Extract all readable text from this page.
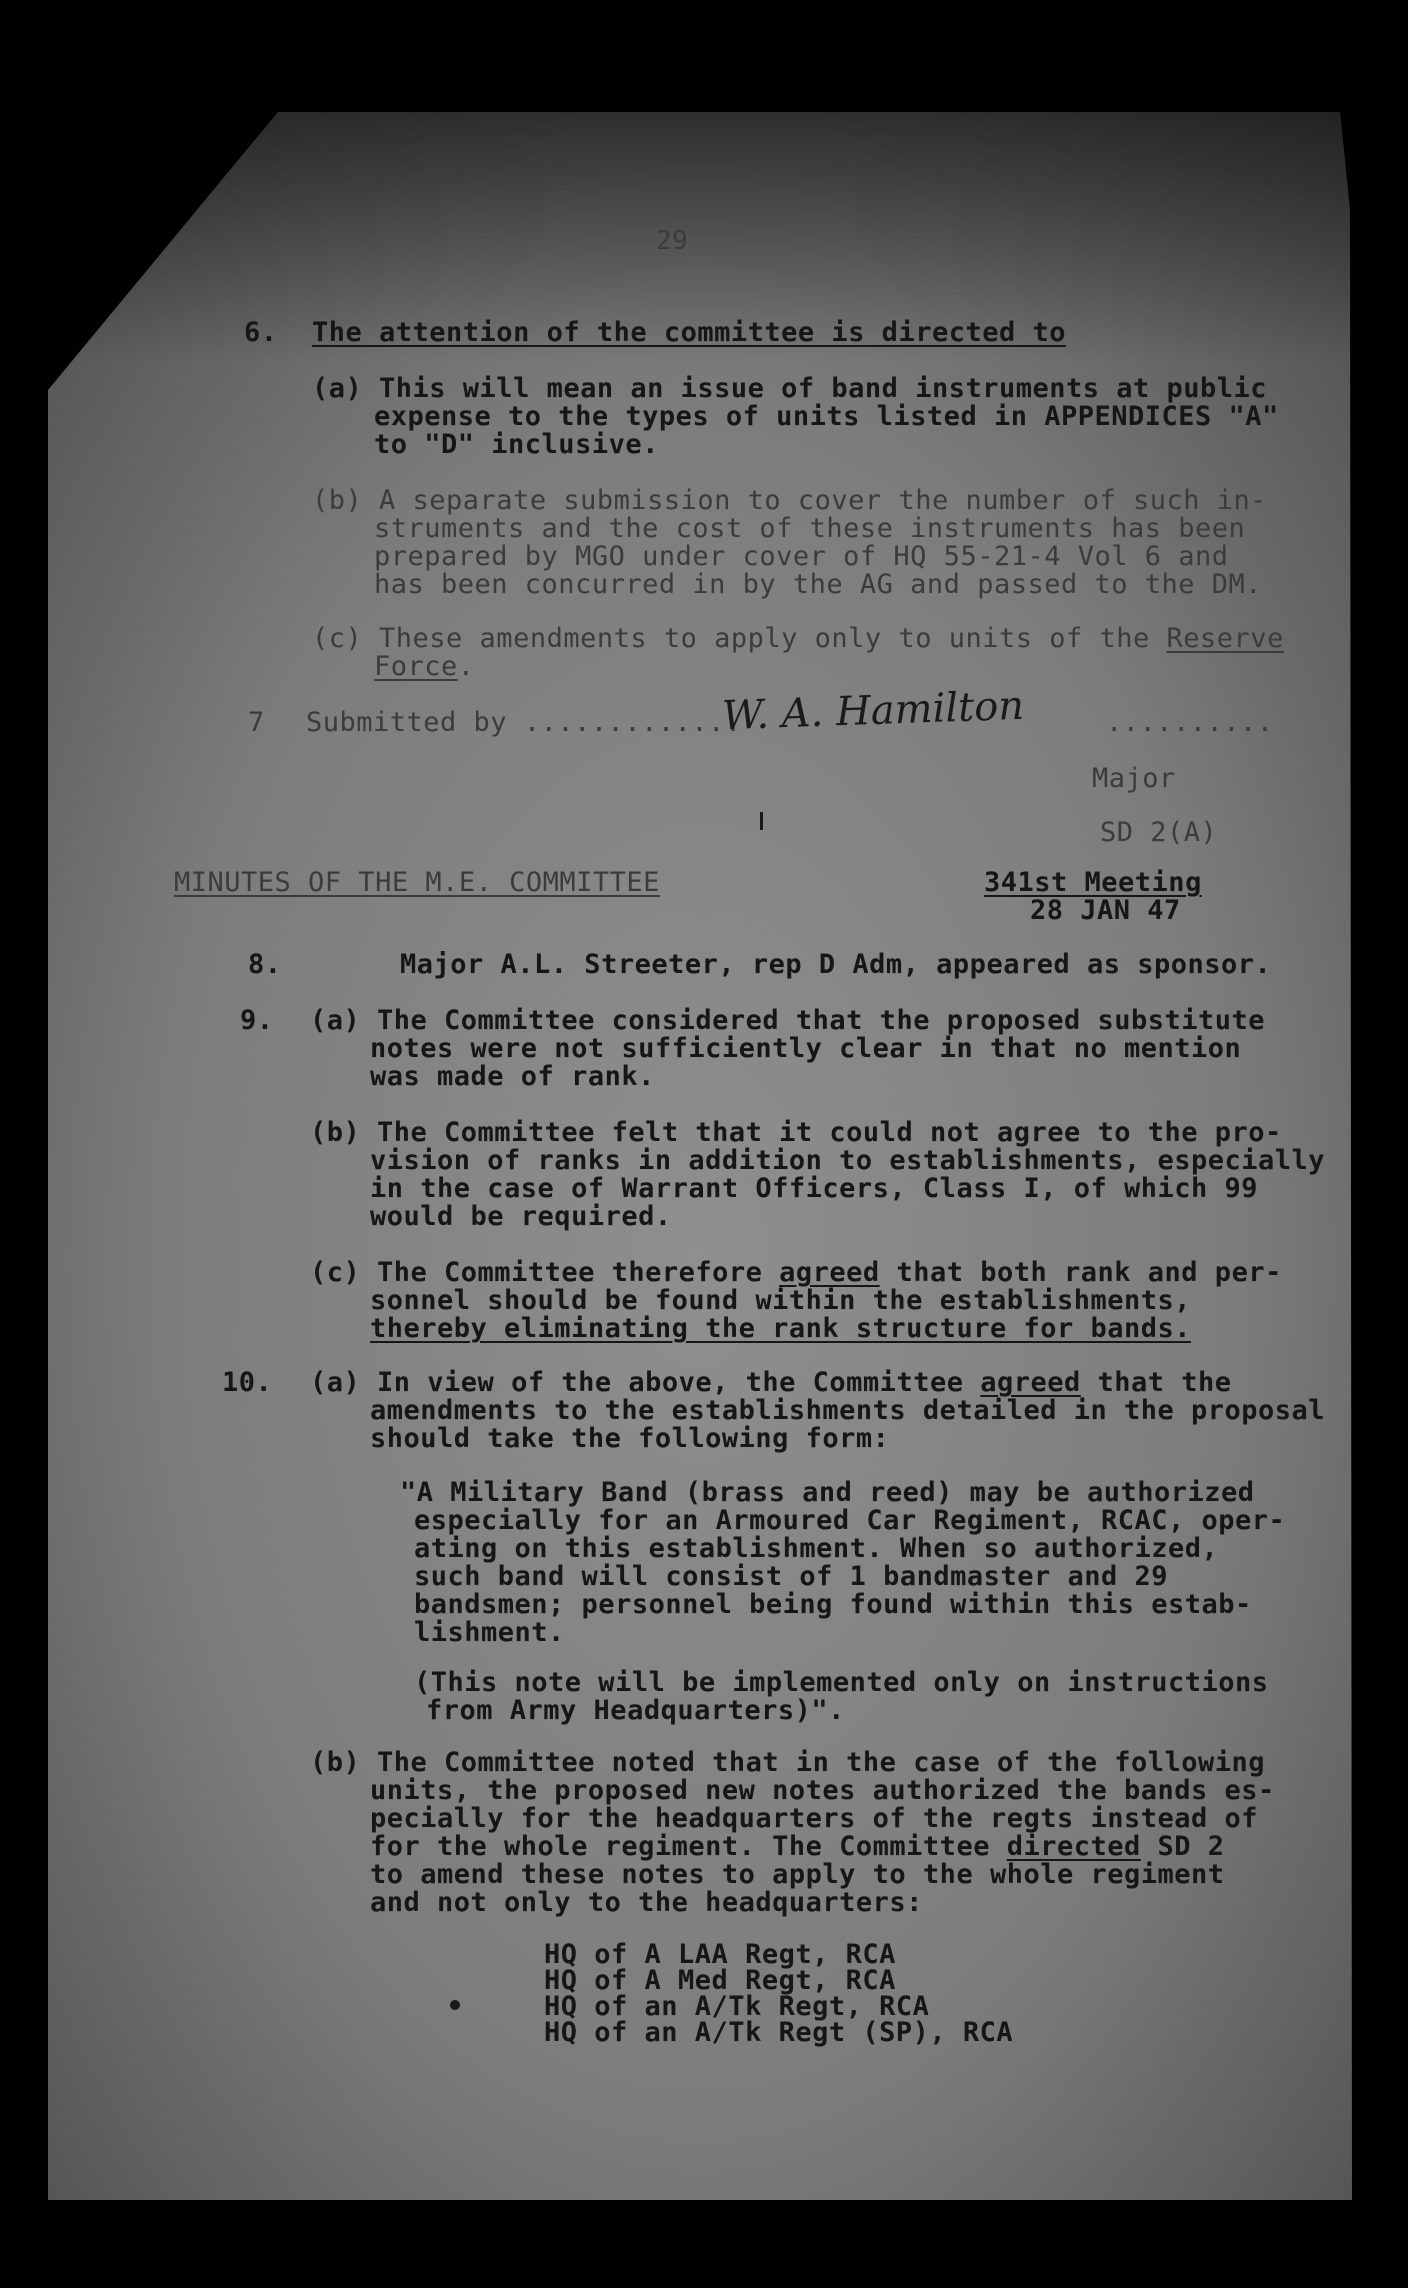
29
6. The attention of the committee is directed to
(a) This will mean an issue of band instruments at public
expense to the types of units listed in APPENDICES "A"
to "D" inclusive.
(b) A separate submission to cover the number of such in-
struments and the cost of these instruments has been
prepared by MGO under cover of HQ 55-21-4 Vol 6 and
has been concurred in by the AG and passed to the DM.
(c) These amendments to apply only to units of the Reserve
Force.
7 Submitted by .............
W. A. Hamilton	..........
Major
SD 2(A)
MINUTES OF THE M.E. COMMITTEE	341st Meeting
28 JAN 47
8.	Major A.L. Streeter, rep D Adm, appeared as sponsor.
9. (a) The Committee considered that the proposed substitute
notes were not sufficiently clear in that no mention
was made of rank.
(b) The Committee felt that it could not agree to the pro-
vision of ranks in addition to establishments, especially
in the case of Warrant Officers, Class I, of which 99
would be required.
(c) The Committee therefore agreed that both rank and per-
sonnel should be found within the establishments,
thereby eliminating the rank structure for bands.
10. (a) In view of the above, the Committee agreed that the
amendments to the establishments detailed in the proposal
should take the following form:
"A Military Band (brass and reed) may be authorized
especially for an Armoured Car Regiment, RCAC, oper-
ating on this establishment. When so authorized,
such band will consist of 1 bandmaster and 29
bandsmen; personnel being found within this estab-
lishment.
(This note will be implemented only on instructions
from Army Headquarters)".
(b) The Committee noted that in the case of the following
units, the proposed new notes authorized the bands es-
pecially for the headquarters of the regts instead of
for the whole regiment. The Committee directed SD 2
to amend these notes to apply to the whole regiment
and not only to the headquarters:
HQ of A LAA Regt, RCA
HQ of A Med Regt, RCA
HQ of an A/Tk Regt, RCA
HQ of an A/Tk Regt (SP), RCA
